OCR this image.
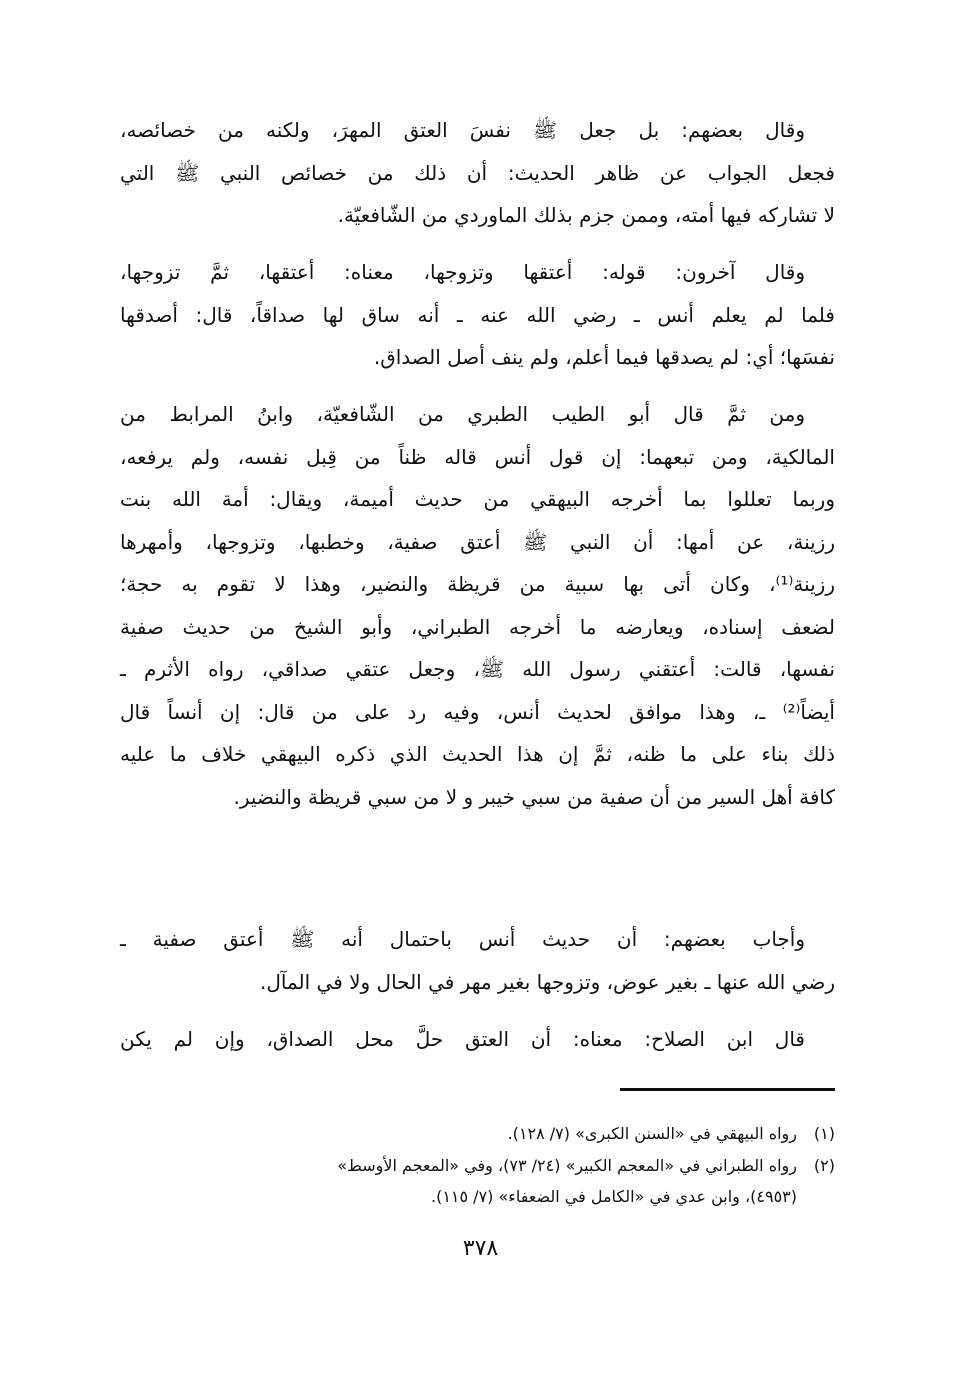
وقال بعضهم: بل جعل ﷺ نفسَ العتق المهرَ، ولكنه من خصائصه،
فجعل الجواب عن ظاهر الحديث: أن ذلك من خصائص النبي ﷺ التي
لا تشاركه فيها أمته، وممن جزم بذلك الماوردي من الشّافعيّة.
وقال آخرون: قوله: أعتقها وتزوجها، معناه: أعتقها، ثمَّ تزوجها،
فلما لم يعلم أنس ـ رضي الله عنه ـ أنه ساق لها صداقاً، قال: أصدقها
نفسَها؛ أي: لم يصدقها فيما أعلم، ولم ينف أصل الصداق.
ومن ثمَّ قال أبو الطيب الطبري من الشّافعيّة، وابنُ المرابط من
المالكية، ومن تبعهما: إن قول أنس قاله ظناً من قِبل نفسه، ولم يرفعه،
وربما تعللوا بما أخرجه البيهقي من حديث أميمة، ويقال: أمة الله بنت
رزينة، عن أمها: أن النبي ﷺ أعتق صفية، وخطبها، وتزوجها، وأمهرها
رزينة⁽¹⁾، وكان أتى بها سبية من قريظة والنضير، وهذا لا تقوم به حجة؛
لضعف إسناده، ويعارضه ما أخرجه الطبراني، وأبو الشيخ من حديث صفية
نفسها، قالت: أعتقني رسول الله ﷺ، وجعل عتقي صداقي، رواه الأثرم ـ
أيضاً⁽²⁾ ـ، وهذا موافق لحديث أنس، وفيه رد على من قال: إن أنساً قال
ذلك بناء على ما ظنه، ثمَّ إن هذا الحديث الذي ذكره البيهقي خلاف ما عليه
كافة أهل السير من أن صفية من سبي خيبر و لا من سبي قريظة والنضير.
وأجاب بعضهم: أن حديث أنس باحتمال أنه ﷺ أعتق صفية ـ
رضي الله عنها ـ بغير عوض، وتزوجها بغير مهر في الحال ولا في المآل.
قال ابن الصلاح: معناه: أن العتق حلَّ محل الصداق، وإن لم يكن
(١)رواه البيهقي في «السنن الكبرى» (٧/ ١٢٨).
(٢)رواه الطبراني في «المعجم الكبير» (٢٤/ ٧٣)، وفي «المعجم الأوسط»
(٤٩٥٣)، وابن عدي في «الكامل في الضعفاء» (٧/ ١١٥).
٣٧٨
